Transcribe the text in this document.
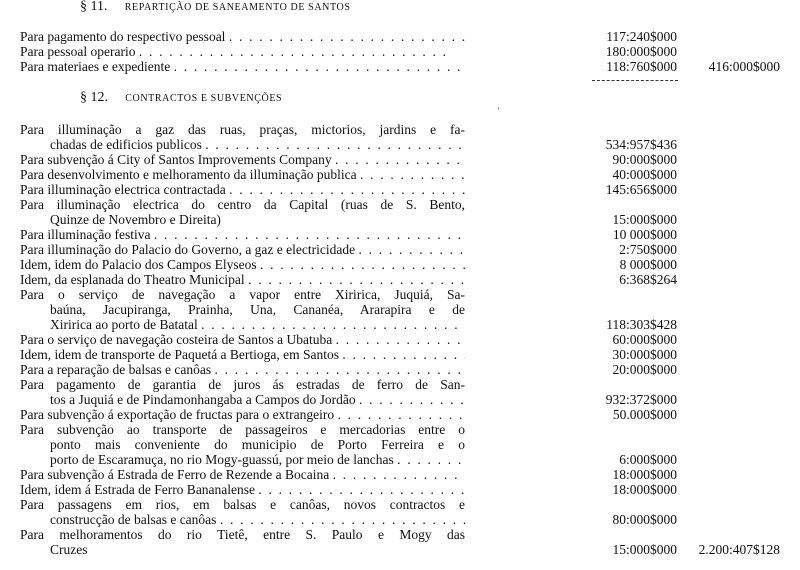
§ 11. REPARTIÇÃO DE SANEAMENTO DE SANTOS
Para pagamento do respectivo pessoal . .	117:240$000
Para pessoal operario . .	180:000$000
Para materiaes e expediente . .	118:760$000	416:000$000
§ 12. CONTRACTOS E SUBVENÇÕES
ʼ
Para illuminação a gaz das ruas, praças, mictorios, jardins e fa-
chadas de edificios publicos . .	534:957$436
Para subvenção á City of Santos Improvements Company . .	90:000$000
Para desenvolvimento e melhoramento da illuminação publica . .	40:000$000
Para illuminação electrica contractada . .	145:656$000
Para illuminação electrica do centro da Capital (ruas de S. Bento,
Quinze de Novembro e Direita)	15:000$000
Para illuminação festiva . .	10 000$000
Para illuminação do Palacio do Governo, a gaz e electricidade . .	2:750$000
Idem, idem do Palacio dos Campos Elyseos . .	8 000$000
Idem, da esplanada do Theatro Municipal . .	6:368$264
Para o serviço de navegação a vapor entre Xiririca, Juquiá, Sa-
baúna, Jacupiranga, Prainha, Una, Cananéa, Ararapira e de
Xiririca ao porto de Batatal . .	118:303$428
Para o serviço de navegação costeira de Santos a Ubatuba . .	60:000$000
Idem, idem de transporte de Paquetá a Bertioga, em Santos . .	30:000$000
Para a reparação de balsas e canôas . .	20:000$000
Para pagamento de garantia de juros ás estradas de ferro de San-
tos a Juquiá e de Pindamonhangaba a Campos do Jordão . .	932:372$000
Para subvenção á exportação de fructas para o extrangeiro . .	50.000$000
Para subvenção ao transporte de passageiros e mercadorias entre o
ponto mais conveniente do municipio de Porto Ferreira e o
porto de Escaramuça, no rio Mogy-guassú, por meio de lanchas . .	6:000$000
Para subvenção á Estrada de Ferro de Rezende a Bocaina . .	18:000$000
Idem, idem á Estrada de Ferro Bananalense . .	18:000$000
Para passagens em rios, em balsas e canôas, novos contractos e
construcção de balsas e canôas . .	80:000$000
Para melhoramentos do rio Tietê, entre S. Paulo e Mogy das
Cruzes	15:000$000	2.200:407$128
